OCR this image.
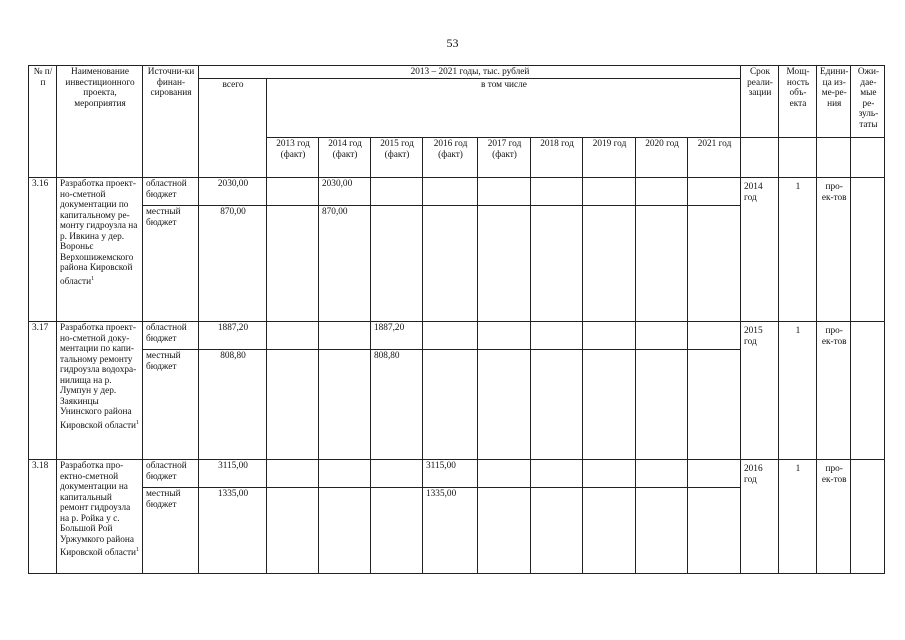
53
№ п/п	Наименование инвестиционного проекта, мероприятия	Источни-ки финан-сирования	2013 – 2021 годы, тыс. рублей										Срок реали-зации	Мощ-ность объ-екта	Едини-ца из-ме-ре-ния	Ожи-дае-мые ре-зуль-таты
			всего	в том числе												
				2013 год (факт)	2014 год (факт)	2015 год (факт)	2016 год (факт)	2017 год (факт)	2018 год	2019 год	2020 год	2021 год				
3.16	Разработка проект-но-сметной документации по капитальному ре-монту гидроузла на р. Ивкина у дер. Вороньє Верхошижемского района Кировской области$^1$	областной бюджет	2030,00		2030,00								2014 год	1	про-ек-тов	
		местный бюджет	870,00		870,00											
3.17	Разработка проект-но-сметной доку-ментации по капи-тальному ремонту гидроузла водохра-нилища на р. Лумпун у дер. Заякинцы Унинского района Кировской области$^1$	областной бюджет	1887,20			1887,20							2015 год	1	про-ек-тов	
		местный бюджет	808,80			808,80										
3.18	Разработка про-ектно-сметной документации на капитальный ремонт гидроузла на р. Ройка у с. Большой Рой Уржумкого района Кировской области$^1$	областной бюджет	3115,00				3115,00						2016 год	1	про-ек-тов	
		местный бюджет	1335,00				1335,00									
